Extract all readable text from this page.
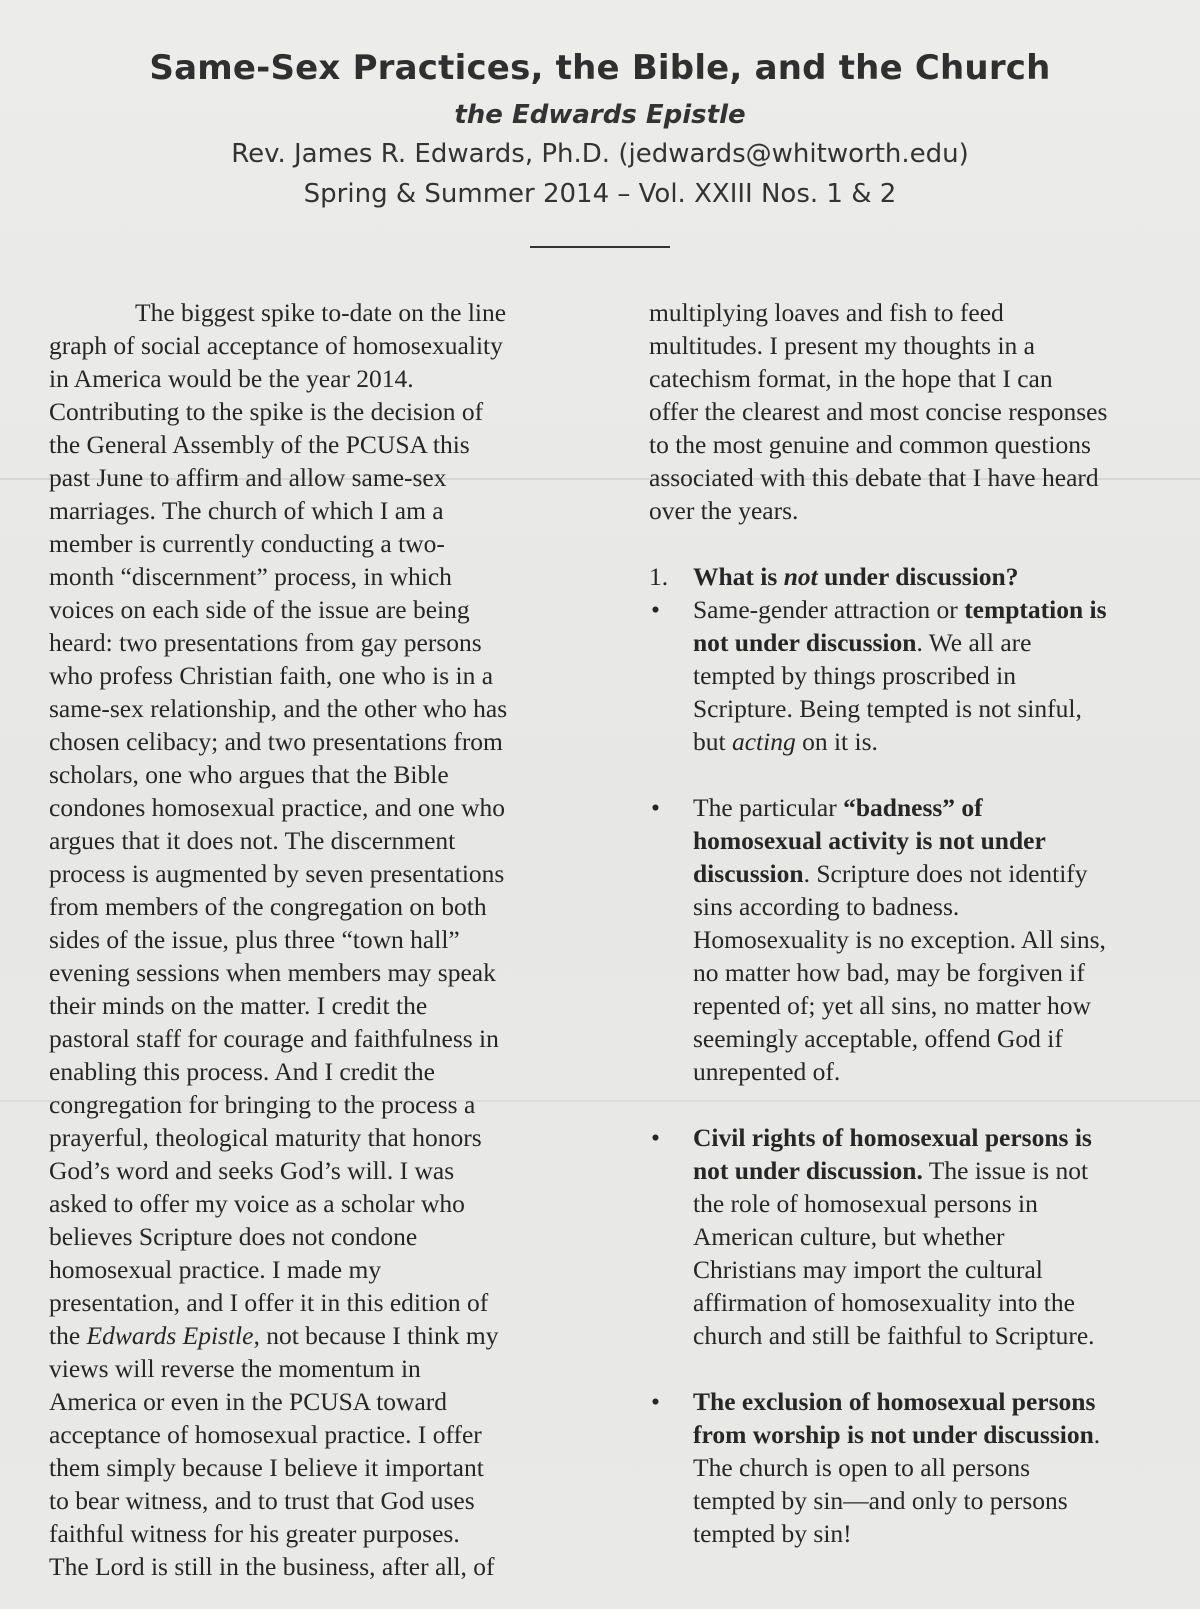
Same-Sex Practices, the Bible, and the Church

the Edwards Epistle

Rev. James R. Edwards, Ph.D. (jedwards@whitworth.edu)

Spring & Summer 2014 – Vol. XXIII Nos. 1 & 2

The biggest spike to-date on the line
graph of social acceptance of homosexuality
in America would be the year 2014.
Contributing to the spike is the decision of
the General Assembly of the PCUSA this
past June to affirm and allow same-sex
marriages. The church of which I am a
member is currently conducting a two-
month “discernment” process, in which
voices on each side of the issue are being
heard: two presentations from gay persons
who profess Christian faith, one who is in a
same-sex relationship, and the other who has
chosen celibacy; and two presentations from
scholars, one who argues that the Bible
condones homosexual practice, and one who
argues that it does not. The discernment
process is augmented by seven presentations
from members of the congregation on both
sides of the issue, plus three “town hall”
evening sessions when members may speak
their minds on the matter. I credit the
pastoral staff for courage and faithfulness in
enabling this process. And I credit the
congregation for bringing to the process a
prayerful, theological maturity that honors
God’s word and seeks God’s will. I was
asked to offer my voice as a scholar who
believes Scripture does not condone
homosexual practice. I made my
presentation, and I offer it in this edition of
the Edwards Epistle, not because I think my
views will reverse the momentum in
America or even in the PCUSA toward
acceptance of homosexual practice. I offer
them simply because I believe it important
to bear witness, and to trust that God uses
faithful witness for his greater purposes.
The Lord is still in the business, after all, of

multiplying loaves and fish to feed
multitudes. I present my thoughts in a
catechism format, in the hope that I can
offer the clearest and most concise responses
to the most genuine and common questions
associated with this debate that I have heard
over the years.

1. What is not under discussion?
• Same-gender attraction or temptation is
not under discussion. We all are
tempted by things proscribed in
Scripture. Being tempted is not sinful,
but acting on it is.
• The particular “badness” of
homosexual activity is not under
discussion. Scripture does not identify
sins according to badness.
Homosexuality is no exception. All sins,
no matter how bad, may be forgiven if
repented of; yet all sins, no matter how
seemingly acceptable, offend God if
unrepented of.
• Civil rights of homosexual persons is
not under discussion. The issue is not
the role of homosexual persons in
American culture, but whether
Christians may import the cultural
affirmation of homosexuality into the
church and still be faithful to Scripture.
• The exclusion of homosexual persons
from worship is not under discussion.
The church is open to all persons
tempted by sin—and only to persons
tempted by sin!
